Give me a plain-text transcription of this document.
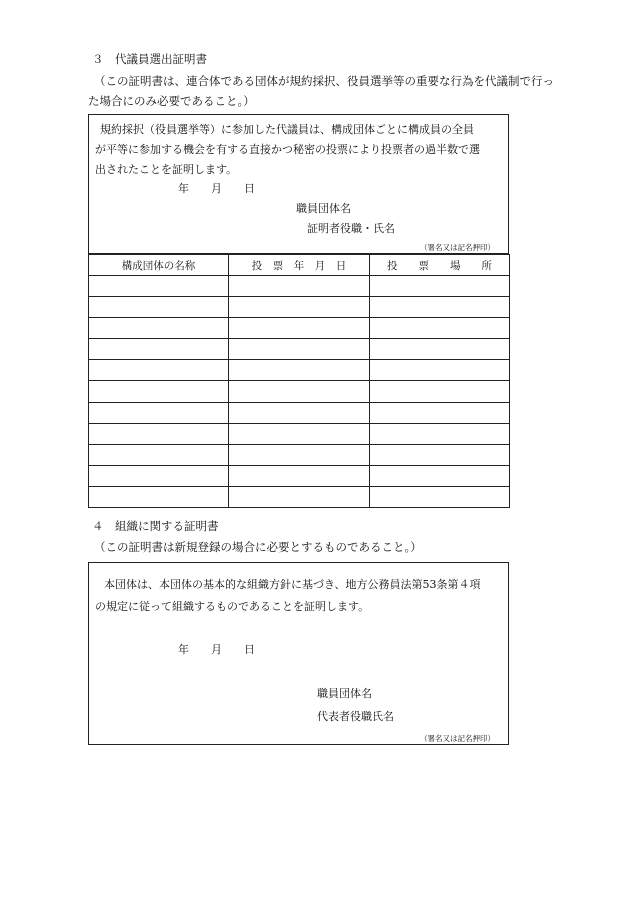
３　代議員選出証明書
（この証明書は、連合体である団体が規約採択、役員選挙等の重要な行為を代議制で行っ
た場合にのみ必要であること。）
規約採択（役員選挙等）に参加した代議員は、構成団体ごとに構成員の全員
が平等に参加する機会を有する直接かつ秘密の投票により投票者の過半数で選
出されたことを証明します。
年　　月　　日
職員団体名
証明者役職・氏名
（署名又は記名押印）
構成団体の名称	投　票　年　月　日	投　　票　　場　　所

４　組織に関する証明書
（この証明書は新規登録の場合に必要とするものであること。）
本団体は、本団体の基本的な組織方針に基づき、地方公務員法第53条第４項
の規定に従って組織するものであることを証明します。
年　　月　　日
職員団体名
代表者役職氏名
（署名又は記名押印）
